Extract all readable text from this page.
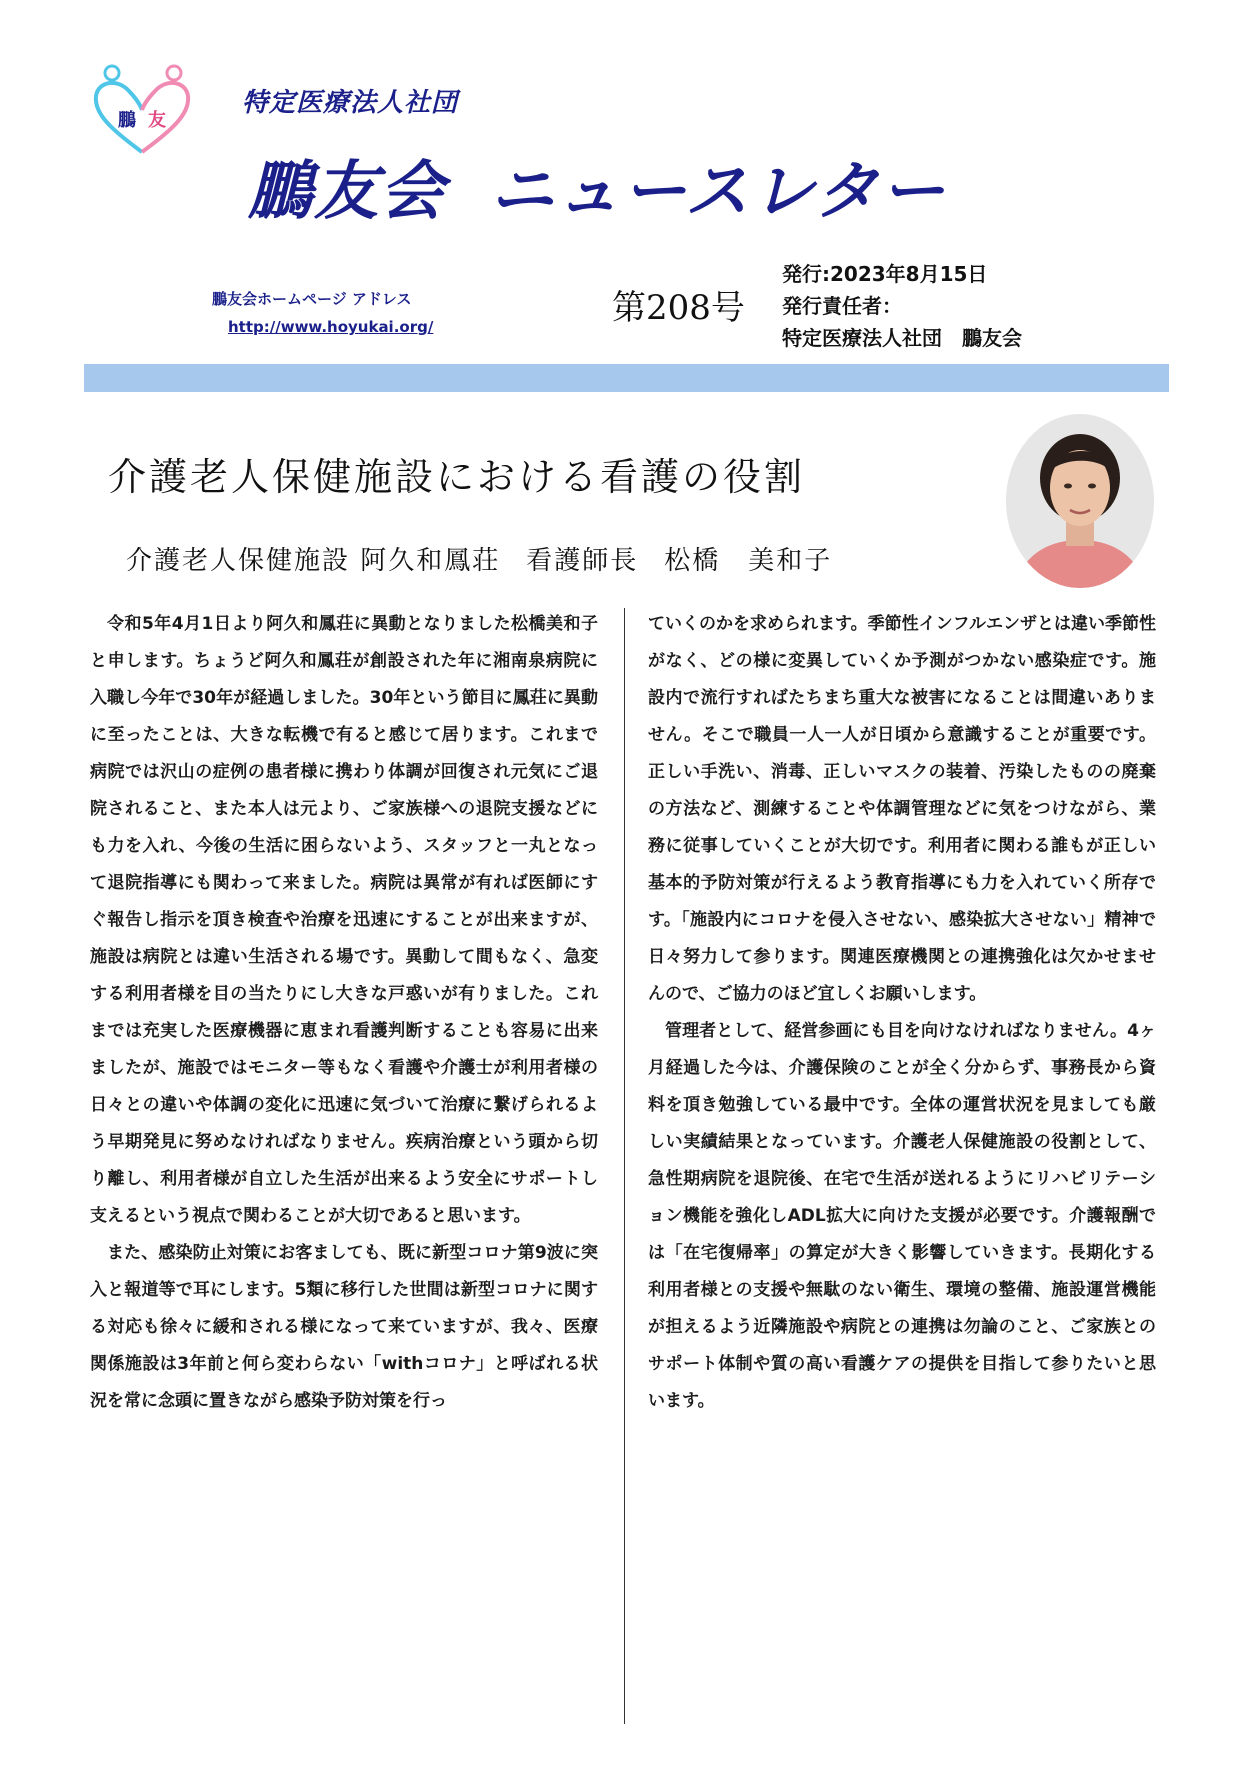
鵬 友
特定医療法人社団
鵬友会 ニュースレター
鵬友会ホームページ アドレス
http://www.hoyukai.org/	第208号
発行:2023年8月15日
発行責任者：
特定医療法人社団　鵬友会
介護老人保健施設における看護の役割
介護老人保健施設 阿久和鳳荘 看護師長 松橋　美和子

令和5年4月1日より阿久和鳳荘に異動となりました松橋美和子と申します。ちょうど阿久和鳳荘が創設された年に湘南泉病院に入職し今年で30年が経過しました。30年という節目に鳳荘に異動に至ったことは、大きな転機で有ると感じて居ります。これまで病院では沢山の症例の患者様に携わり体調が回復され元気にご退院されること、また本人は元より、ご家族様への退院支援などにも力を入れ、今後の生活に困らないよう、スタッフと一丸となって退院指導にも関わって来ました。病院は異常が有れば医師にすぐ報告し指示を頂き検査や治療を迅速にすることが出来ますが、施設は病院とは違い生活される場です。異動して間もなく、急変する利用者様を目の当たりにし大きな戸惑いが有りました。これまでは充実した医療機器に恵まれ看護判断することも容易に出来ましたが、施設ではモニター等もなく看護や介護士が利用者様の日々との違いや体調の変化に迅速に気づいて治療に繋げられるよう早期発見に努めなければなりません。疾病治療という頭から切り離し、利用者様が自立した生活が出来るよう安全にサポートし支えるという視点で関わることが大切であると思います。

また、感染防止対策にお客ましても、既に新型コロナ第9波に突入と報道等で耳にします。5類に移行した世間は新型コロナに関する対応も徐々に緩和される様になって来ていますが、我々、医療関係施設は3年前と何ら変わらない「withコロナ」と呼ばれる状況を常に念頭に置きながら感染予防対策を行っ

ていくのかを求められます。季節性インフルエンザとは違い季節性がなく、どの様に変異していくか予測がつかない感染症です。施設内で流行すればたちまち重大な被害になることは間違いありません。そこで職員一人一人が日頃から意識することが重要です。正しい手洗い、消毒、正しいマスクの装着、汚染したものの廃棄の方法など、測練することや体調管理などに気をつけながら、業務に従事していくことが大切です。利用者に関わる誰もが正しい基本的予防対策が行えるよう教育指導にも力を入れていく所存です。「施設内にコロナを侵入させない、感染拡大させない」精神で日々努力して参ります。関連医療機関との連携強化は欠かせませんので、ご協力のほど宜しくお願いします。

管理者として、経営参画にも目を向けなければなりません。4ヶ月経過した今は、介護保険のことが全く分からず、事務長から資料を頂き勉強している最中です。全体の運営状況を見ましても厳しい実績結果となっています。介護老人保健施設の役割として、急性期病院を退院後、在宅で生活が送れるようにリハビリテーション機能を強化しADL拡大に向けた支援が必要です。介護報酬では「在宅復帰率」の算定が大きく影響していきます。長期化する利用者様との支援や無駄のない衛生、環境の整備、施設運営機能が担えるよう近隣施設や病院との連携は勿論のこと、ご家族とのサポート体制や質の高い看護ケアの提供を目指して参りたいと思います。
